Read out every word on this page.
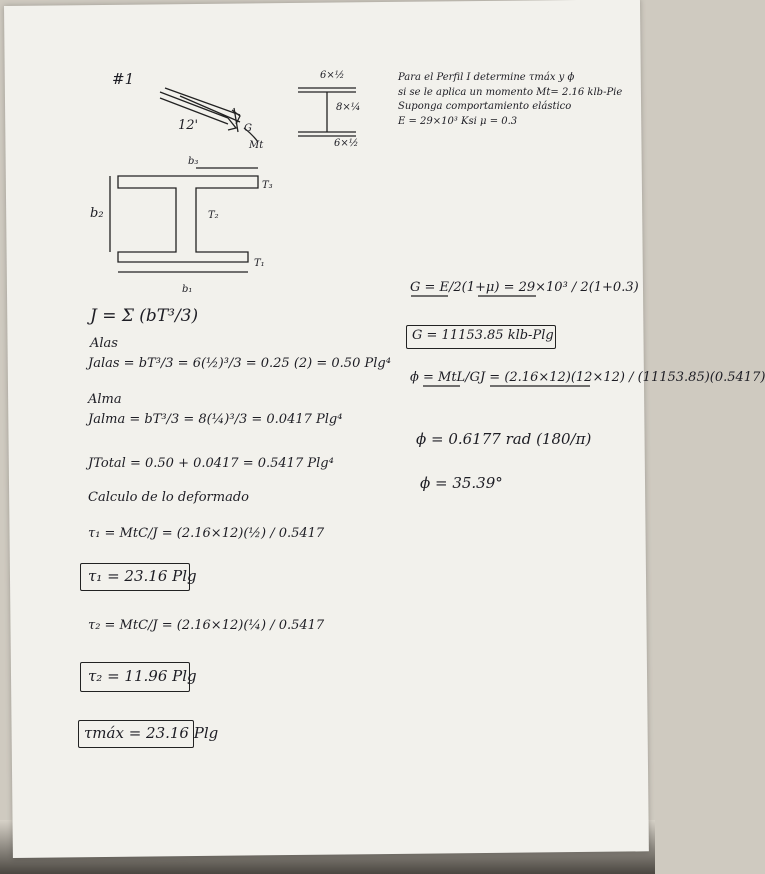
#1
12'
Mt
G
6×½
8×¼
6×½
Para el Perfil I determine τmáx y ϕ
si se le aplica un momento Mt= 2.16 klb-Pie
Suponga comportamiento elástico
E = 29×10³ Ksi μ = 0.3
b₃
T₃
b₂	T₂
b₁
T₁
J = Σ (bT³/3)
Alas
Jalas = bT³/3 = 6(½)³/3 = 0.25 (2) = 0.50 Plg⁴
Alma
Jalma = bT³/3 = 8(¼)³/3 = 0.0417 Plg⁴
JTotal = 0.50 + 0.0417 = 0.5417 Plg⁴
Calculo de lo deformado
τ₁ = MtC/J = (2.16×12)(½) / 0.5417
τ₁ = 23.16 Plg
τ₂ = MtC/J = (2.16×12)(¼) / 0.5417
τ₂ = 11.96 Plg
τmáx = 23.16 Plg
G = E/2(1+μ) = 29×10³ / 2(1+0.3)
G = 11153.85 klb-Plg
ϕ = MtL/GJ = (2.16×12)(12×12) / (11153.85)(0.5417)
ϕ = 0.6177 rad (180/π)
ϕ = 35.39°
